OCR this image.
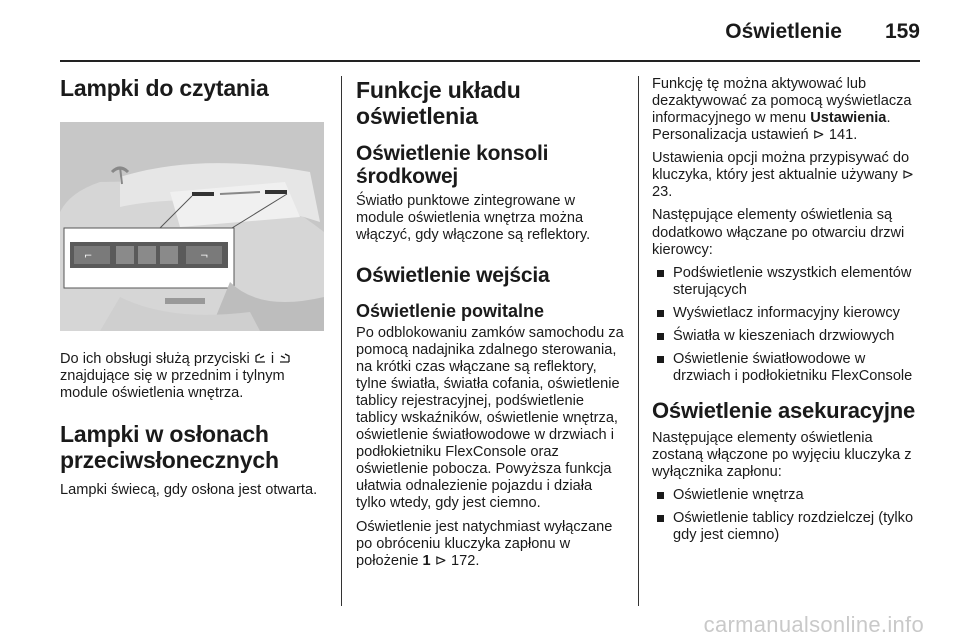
Oświetlenie 159
Lampki do czytania
⌐	¬

Do ich obsługi służą przyciski i  znajdujące się w przednim i tylnym module oświetlenia wnętrza.

Lampki w osłonach przeciwsłonecznych

Lampki świecą, gdy osłona jest otwarta.

Funkcje układu oświetlenia
Oświetlenie konsoli środkowej

Światło punktowe zintegrowane w module oświetlenia wnętrza można włączyć, gdy włączone są reflektory.

Oświetlenie wejścia
Oświetlenie powitalne

Po odblokowaniu zamków samochodu za pomocą nadajnika zdalnego sterowania, na krótki czas włączane są reflektory, tylne światła, światła cofania, oświetlenie tablicy rejestracyjnej, podświetlenie tablicy wskaźników, oświetlenie wnętrza, oświetlenie światłowodowe w drzwiach i podłokietniku FlexConsole oraz oświetlenie pobocza. Powyższa funkcja ułatwia odnalezienie pojazdu i działa tylko wtedy, gdy jest ciemno.

Oświetlenie jest natychmiast wyłączane po obróceniu kluczyka zapłonu w położenie 1 ⊳ 172.

Funkcję tę można aktywować lub dezaktywować za pomocą wyświetlacza informacyjnego w menu Ustawienia. Personalizacja ustawień ⊳ 141.

Ustawienia opcji można przypisywać do kluczyka, który jest aktualnie używany ⊳ 23.

Następujące elementy oświetlenia są dodatkowo włączane po otwarciu drzwi kierowcy:

Podświetlenie wszystkich elementów sterujących
Wyświetlacz informacyjny kierowcy
Światła w kieszeniach drzwiowych
Oświetlenie światłowodowe w drzwiach i podłokietniku FlexConsole
Oświetlenie asekuracyjne

Następujące elementy oświetlenia zostaną włączone po wyjęciu kluczyka z wyłącznika zapłonu:

Oświetlenie wnętrza
Oświetlenie tablicy rozdzielczej (tylko gdy jest ciemno)
carmanualsonline.info
